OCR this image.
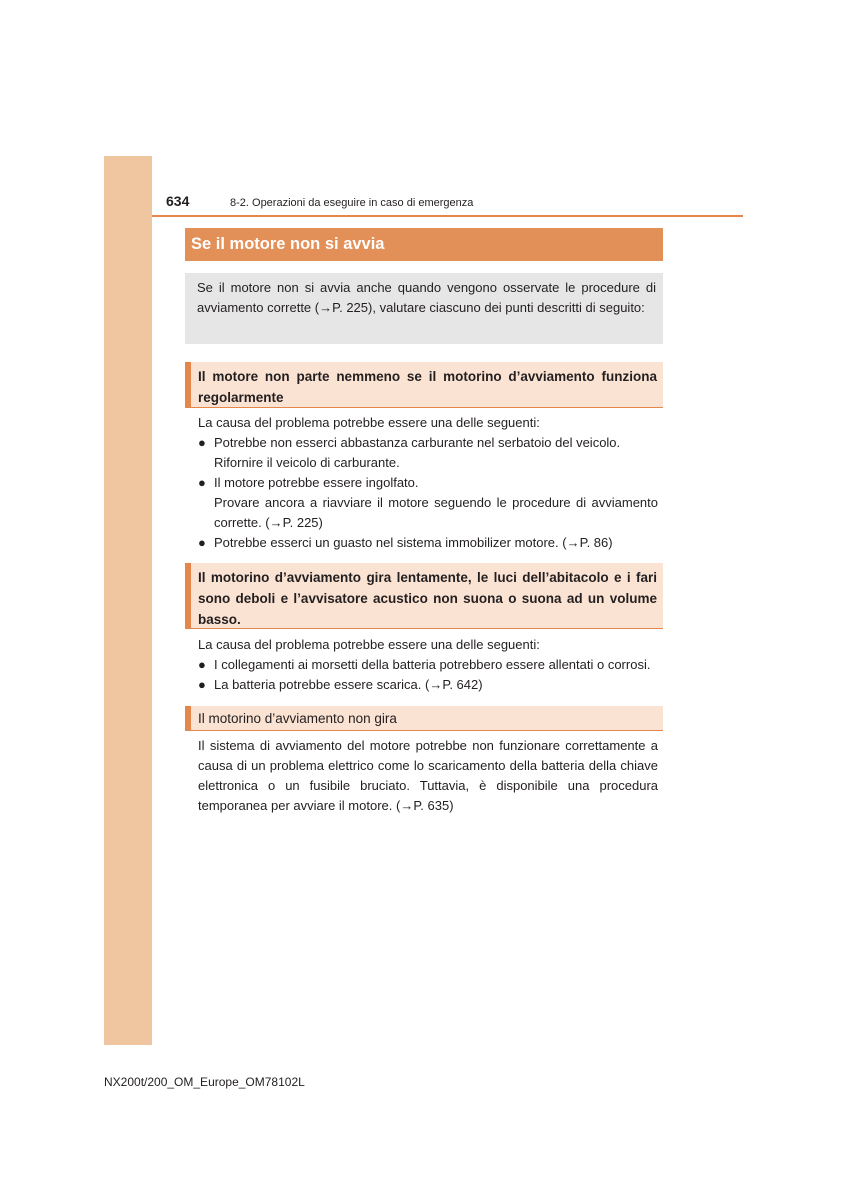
634	8-2. Operazioni da eseguire in caso di emergenza
Se il motore non si avvia
Se il motore non si avvia anche quando vengono osservate le procedure di avviamento corrette (→P. 225), valutare ciascuno dei punti descritti di seguito:
Il motore non parte nemmeno se il motorino d’avviamento funziona regolarmente

La causa del problema potrebbe essere una delle seguenti:

● Potrebbe non esserci abbastanza carburante nel serbatoio del veicolo.
Rifornire il veicolo di carburante.
● Il motore potrebbe essere ingolfato.
Provare ancora a riavviare il motore seguendo le procedure di avviamento corrette. (→P. 225)
● Potrebbe esserci un guasto nel sistema immobilizer motore. (→P. 86)
Il motorino d’avviamento gira lentamente, le luci dell’abitacolo e i fari sono deboli e l’avvisatore acustico non suona o suona ad un volume basso.

La causa del problema potrebbe essere una delle seguenti:

● I collegamenti ai morsetti della batteria potrebbero essere allentati o corrosi.
● La batteria potrebbe essere scarica. (→P. 642)
Il motorino d’avviamento non gira
Il sistema di avviamento del motore potrebbe non funzionare correttamente a causa di un problema elettrico come lo scaricamento della batteria della chiave elettronica o un fusibile bruciato. Tuttavia, è disponibile una procedura temporanea per avviare il motore. (→P. 635)
NX200t/200_OM_Europe_OM78102L
